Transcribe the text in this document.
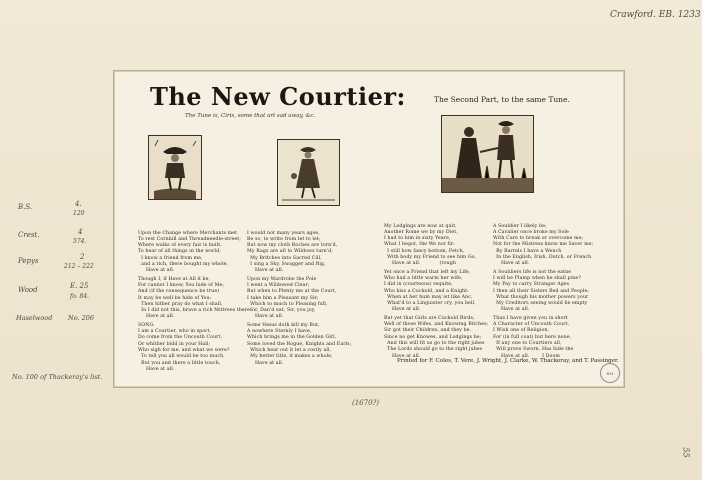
Crawford. EB. 1233
55
B.S.	4.
120
Crest.	4
574.
Pepys	2
212 – 222
Wood	E. 25
fo. 84.
Haselwood No. 206
No. 100 of Thackeray's list.
The New Courtier:
The Tune is, Ciris, some that art sad away, &c.
The Second Part, to the same Tune.

Upon the Change where Merchants met
To rest Cornhill and Threadneedle-street;
Where walks of every fair is built,
To hear of all things in the world;
I know a friend from me,
and a rich, there bought my whole,
Have at all.

Though I, if Have at All it be,
For cannot I know, You hide of Me;
And (if the consequence be true)
It may be well be hide of You:
Then hither pray do what I shall,
In I did not this, brave a rich Mittrees there:
Have at all.

SONG.
I am a Courtier, who in sport,
Do come from the Uncouth Court,
Or whither bidd in your Hall;
Who sigh for me, and what we were?
To tell you all would be too much,
But you and there a little touch,
Have at all.

I would not many years agoe,
Be so, to write from let to let;
But now my cloth Roches are torn'd,
My Rags are all to Wildows turn'd;
My Britches into Sacred Cill,
I sing a Sky, Swagger and Rig,
Have at all.

Upon my Wardrobe the Pole
I went a Wildowed Clear;
But when to Plenty me at the Court,
I take him a Pleasant my Sir;
Which to much to Pleasing full,
Sir, Dan'd eat, Sir, you joy,
Have at all.

Some Venus doth kill my But,
A nowhere Sternly I have,
Which brings me in the Golden Girl,
Some loved the Rogue, Knights and Earls;
Which hear out it let a costly all,
My better title, it makes a whole,
Have at all.

My Lodgings are now at quit,
Another Rome we by my Diet,
I had to him in sixty Yeare,
What I begot, the We not fir:
I still how fancy bottom, Fetch,
With body my Friend to see him Go,
Have at all.            (rough

Yet once a Friend that left my Life,
Who had a little warm her wife,
I did in (courteous) requite,
Who kiss a Cuckold, and a Knight:
When at her hum may ist like Anc,
What'd to a Linguister cry, you bell,
Have at all.

But yet that Girls are Cuckold Birds,
Well of those Wifes, and Knowing Bitches;
Sir got their Children, and they be,
Since no get Knowes, and Lodgings be;
And this will fit us go to the right jubes
The Lords should go to the right jubes
Have at all.

A Souldier I likely be;
A Cavalier once broke my Sole
With Care to break or overcome me;
Not for the Mistress know me Saver me;
By Barrels I have a Wench
In the English, Irish, Dutch, or French
Have at all.

A Souldiers life is not the eatne
I will be Plump when he shall pine?
My Pay to carry Stranger Ages
I then all their Sisters Bed and People;
What though his mother powers your
My Creditors seeing would be empty
Have at all.

Thus I have given you in short
A Character of Uncouth Court,
I Wish one of Religion,
For (in full coat) but here none,
If any one to Courtiers all,
Will prove Sworn, Has hide the
Have at all.        I Doom

Printed for F. Coles, T. Vere, J. Wright, J. Clarke, W. Thackeray, and T. Passinger.
(1670?)
BM
